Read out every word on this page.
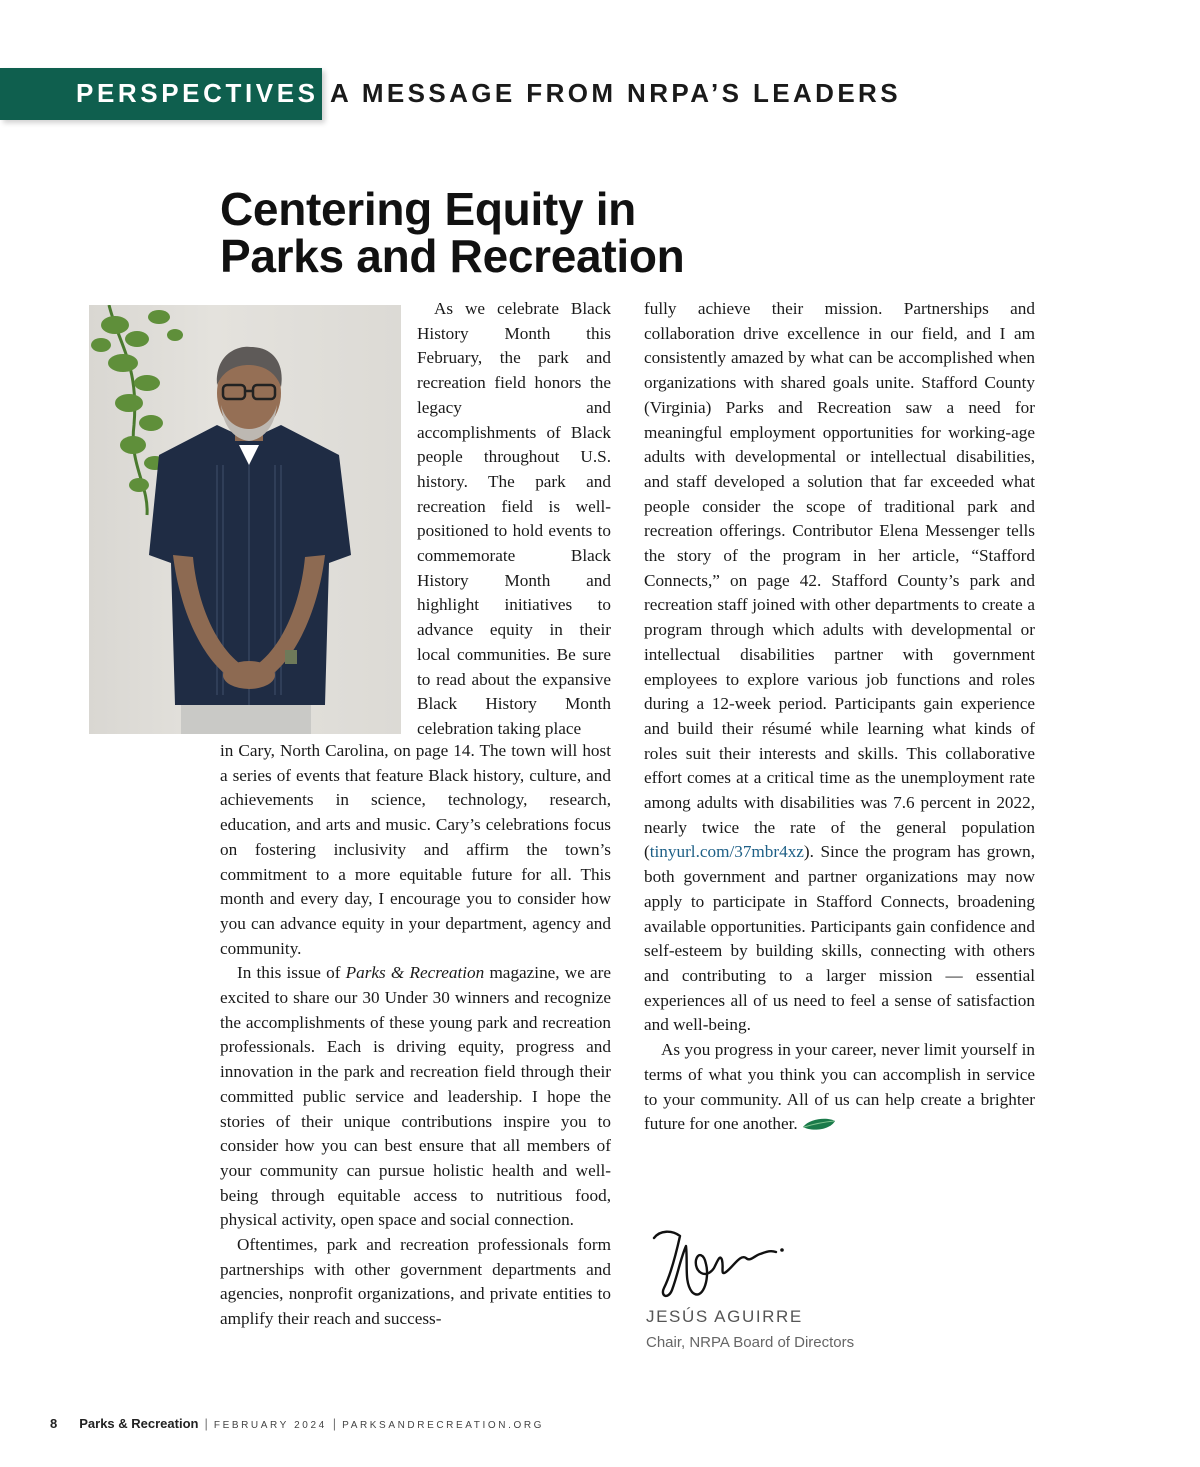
PERSPECTIVES A MESSAGE FROM NRPA’S LEADERS
Centering Equity in
Parks and Recreation

As we celebrate Black History Month this February, the park and recreation field honors the legacy and accomplishments of Black people throughout U.S. history. The park and recreation field is well-positioned to hold events to commemorate Black History Month and highlight initiatives to advance equity in their local communities. Be sure to read about the expansive Black History Month celebration taking place

in Cary, North Carolina, on page 14. The town will host a series of events that feature Black history, culture, and achievements in science, technology, research, education, and arts and music. Cary’s celebrations focus on fostering inclusivity and affirm the town’s commitment to a more equitable future for all. This month and every day, I encourage you to consider how you can advance equity in your department, agency and community.

In this issue of Parks & Recreation magazine, we are excited to share our 30 Under 30 winners and recognize the accomplishments of these young park and recreation professionals. Each is driving equity, progress and innovation in the park and recreation field through their committed public service and leadership. I hope the stories of their unique contributions inspire you to consider how you can best ensure that all members of your community can pursue holistic health and well-being through equitable access to nutritious food, physical activity, open space and social connection.

Oftentimes, park and recreation professionals form partnerships with other government departments and agencies, nonprofit organizations, and private entities to amplify their reach and success-

fully achieve their mission. Partnerships and collaboration drive excellence in our field, and I am consistently amazed by what can be accomplished when organizations with shared goals unite. Stafford County (Virginia) Parks and Recreation saw a need for meaningful employment opportunities for working-age adults with developmental or intellectual disabilities, and staff developed a solution that far exceeded what people consider the scope of traditional park and recreation offerings. Contributor Elena Messenger tells the story of the program in her article, “Stafford Connects,” on page 42. Stafford County’s park and recreation staff joined with other departments to create a program through which adults with developmental or intellectual disabilities partner with government employees to explore various job functions and roles during a 12-week period. Participants gain experience and build their résumé while learning what kinds of roles suit their interests and skills. This collaborative effort comes at a critical time as the unemployment rate among adults with disabilities was 7.6 percent in 2022, nearly twice the rate of the general population (tinyurl.com/37mbr4xz). Since the program has grown, both government and partner organizations may now apply to participate in Stafford Connects, broadening available opportunities. Participants gain confidence and self-esteem by building skills, connecting with others and contributing to a larger mission — essential experiences all of us need to feel a sense of satisfaction and well-being.

As you progress in your career, never limit yourself in terms of what you think you can accomplish in service to your community. All of us can help create a brighter future for one another.

JESÚS AGUIRRE
Chair, NRPA Board of Directors
8 Parks & Recreation | FEBRUARY 2024 | PARKSANDRECREATION.ORG
